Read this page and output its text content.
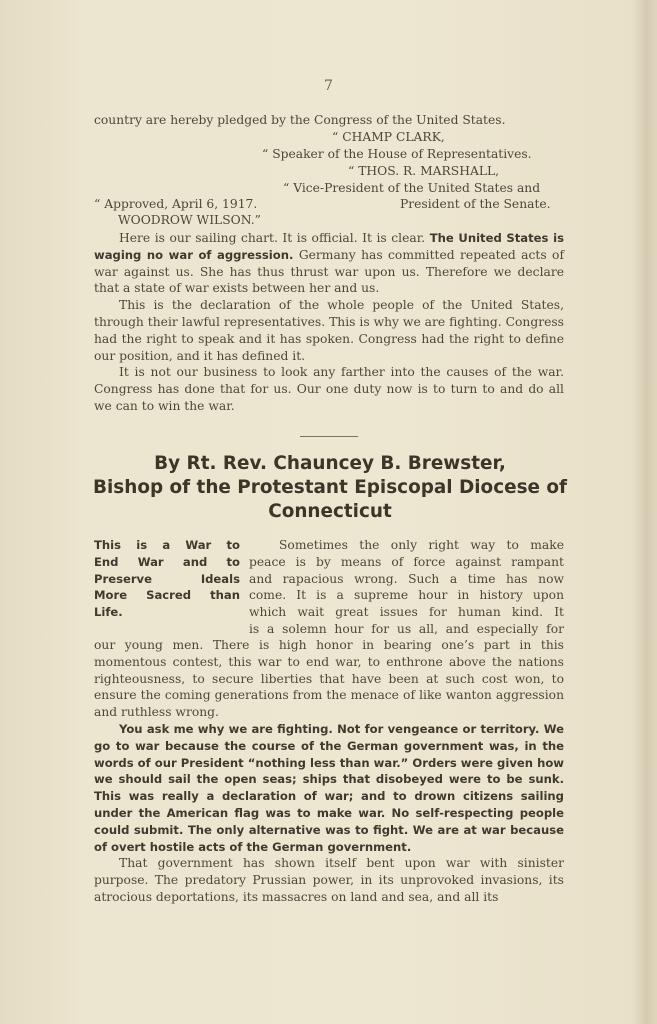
7

country are hereby pledged by the Congress of the United States.

“ CHAMP CLARK,
“ Speaker of the House of Representatives.
“ THOS. R. MARSHALL,
“ Vice-President of the United States and
“ Approved, April 6, 1917.	President of the Senate.
WOODROW WILSON.”

Here is our sailing chart. It is official. It is clear. The United States is waging no war of aggression. Germany has committed repeated acts of war against us. She has thus thrust war upon us. Therefore we declare that a state of war exists between her and us.

This is the declaration of the whole people of the United States, through their lawful representatives. This is why we are fighting. Congress had the right to speak and it has spoken. Congress had the right to define our position, and it has defined it.

It is not our business to look any farther into the causes of the war. Congress has done that for us. Our one duty now is to turn to and do all we can to win the war.

By Rt. Rev. Chauncey B. Brewster,
Bishop of the Protestant Episcopal Diocese of
Connecticut
This is a War to
End War and to
Preserve Ideals
More Sacred than
Life.
Sometimes the only right way to make
peace is by means of force against rampant
and rapacious wrong. Such a time has now
come. It is a supreme hour in history upon
which wait great issues for human kind. It
is a solemn hour for us all, and especially for

our young men. There is high honor in bearing one’s part in this momentous contest, this war to end war, to enthrone above the nations righteousness, to secure liberties that have been at such cost won, to ensure the coming generations from the menace of like wanton aggression and ruthless wrong.

You ask me why we are fighting. Not for vengeance or territory. We go to war because the course of the German government was, in the words of our President “nothing less than war.” Orders were given how we should sail the open seas; ships that disobeyed were to be sunk. This was really a declaration of war; and to drown citizens sailing under the American flag was to make war. No self-respecting people could submit. The only alternative was to fight. We are at war because of overt hostile acts of the German government.

That government has shown itself bent upon war with sinister purpose. The predatory Prussian power, in its unprovoked invasions, its atrocious deportations, its massacres on land and sea, and all its
